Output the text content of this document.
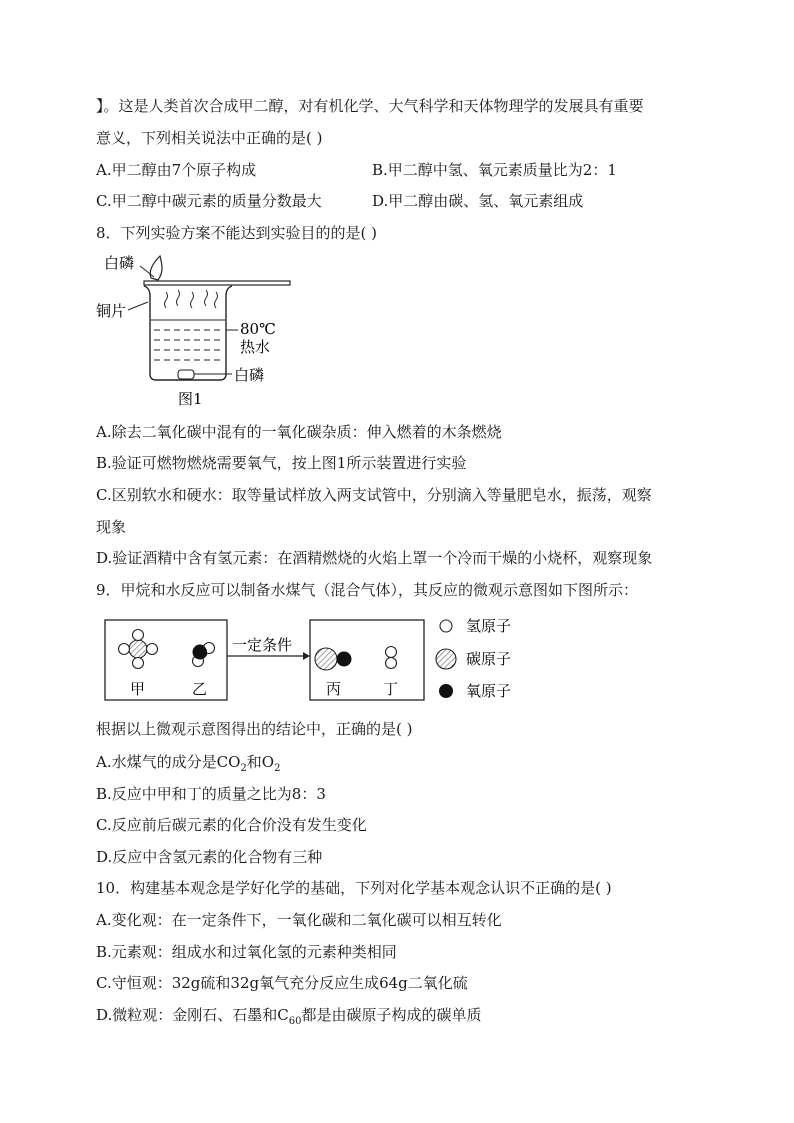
】。这是人类首次合成甲二醇，对有机化学、大气科学和天体物理学的发展具有重要
意义，下列相关说法中正确的是( )
A.甲二醇由7个原子构成	B.甲二醇中氢、氧元素质量比为2：1
C.甲二醇中碳元素的质量分数最大	D.甲二醇由碳、氢、氧元素组成
8．下列实验方案不能达到实验目的的是( )
白磷
铜片
80℃
热水
白磷
图1
A.除去二氧化碳中混有的一氧化碳杂质：伸入燃着的木条燃烧
B.验证可燃物燃烧需要氧气，按上图1所示装置进行实验
C.区别软水和硬水：取等量试样放入两支试管中，分别滴入等量肥皂水，振荡，观察
现象
D.验证酒精中含有氢元素：在酒精燃烧的火焰上罩一个冷而干燥的小烧杯，观察现象
9．甲烷和水反应可以制备水煤气（混合气体），其反应的微观示意图如下图所示：
甲	乙
一定条件
丙	丁
氢原子
碳原子
氧原子
根据以上微观示意图得出的结论中，正确的是( )
A.水煤气的成分是$CO_2$和$O_2$
B.反应中甲和丁的质量之比为8：3
C.反应前后碳元素的化合价没有发生变化
D.反应中含氢元素的化合物有三种
10．构建基本观念是学好化学的基础，下列对化学基本观念认识不正确的是( )
A.变化观：在一定条件下，一氧化碳和二氧化碳可以相互转化
B.元素观：组成水和过氧化氢的元素种类相同
C.守恒观：32g硫和32g氧气充分反应生成64g二氧化硫
D.微粒观：金刚石、石墨和$C_{60}$都是由碳原子构成的碳单质
